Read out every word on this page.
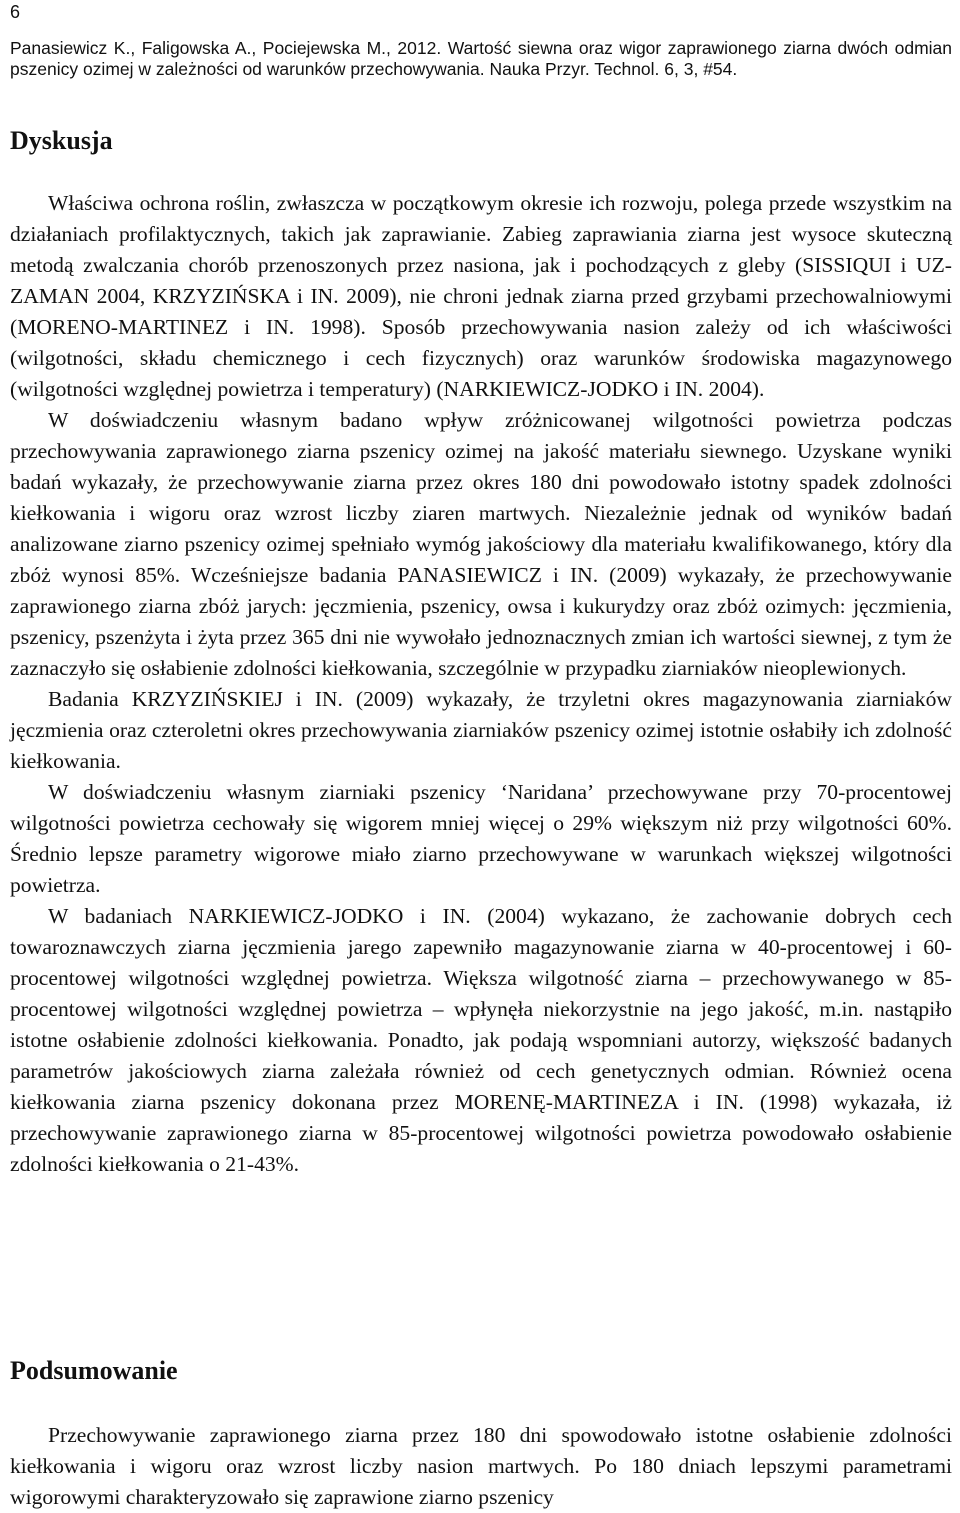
6
Panasiewicz K., Faligowska A., Pociejewska M., 2012. Wartość siewna oraz wigor zaprawionego ziarna dwóch odmian pszenicy ozimej w zależności od warunków przechowywania. Nauka Przyr. Technol. 6, 3, #54.
Dyskusja

Właściwa ochrona roślin, zwłaszcza w początkowym okresie ich rozwoju, polega przede wszystkim na działaniach profilaktycznych, takich jak zaprawianie. Zabieg zaprawiania ziarna jest wysoce skuteczną metodą zwalczania chorób przenoszonych przez nasiona, jak i pochodzących z gleby (SISSIQUI i UZ-ZAMAN 2004, KRZYZIŃSKA i IN. 2009), nie chroni jednak ziarna przed grzybami przechowalniowymi (MORENO-MARTINEZ i IN. 1998). Sposób przechowywania nasion zależy od ich właściwości (wilgotności, składu chemicznego i cech fizycznych) oraz warunków środowiska magazynowego (wilgotności względnej powietrza i temperatury) (NARKIEWICZ-JODKO i IN. 2004).

W doświadczeniu własnym badano wpływ zróżnicowanej wilgotności powietrza podczas przechowywania zaprawionego ziarna pszenicy ozimej na jakość materiału siewnego. Uzyskane wyniki badań wykazały, że przechowywanie ziarna przez okres 180 dni powodowało istotny spadek zdolności kiełkowania i wigoru oraz wzrost liczby ziaren martwych. Niezależnie jednak od wyników badań analizowane ziarno pszenicy ozimej spełniało wymóg jakościowy dla materiału kwalifikowanego, który dla zbóż wynosi 85%. Wcześniejsze badania PANASIEWICZ i IN. (2009) wykazały, że przechowywanie zaprawionego ziarna zbóż jarych: jęczmienia, pszenicy, owsa i kukurydzy oraz zbóż ozimych: jęczmienia, pszenicy, pszenżyta i żyta przez 365 dni nie wywołało jednoznacznych zmian ich wartości siewnej, z tym że zaznaczyło się osłabienie zdolności kiełkowania, szczególnie w przypadku ziarniaków nieoplewionych.

Badania KRZYZIŃSKIEJ i IN. (2009) wykazały, że trzyletni okres magazynowania ziarniaków jęczmienia oraz czteroletni okres przechowywania ziarniaków pszenicy ozimej istotnie osłabiły ich zdolność kiełkowania.

W doświadczeniu własnym ziarniaki pszenicy ‘Naridana’ przechowywane przy 70-procentowej wilgotności powietrza cechowały się wigorem mniej więcej o 29% większym niż przy wilgotności 60%. Średnio lepsze parametry wigorowe miało ziarno przechowywane w warunkach większej wilgotności powietrza.

W badaniach NARKIEWICZ-JODKO i IN. (2004) wykazano, że zachowanie dobrych cech towaroznawczych ziarna jęczmienia jarego zapewniło magazynowanie ziarna w 40-procentowej i 60-procentowej wilgotności względnej powietrza. Większa wilgotność ziarna – przechowywanego w 85-procentowej wilgotności względnej powietrza – wpłynęła niekorzystnie na jego jakość, m.in. nastąpiło istotne osłabienie zdolności kiełkowania. Ponadto, jak podają wspomniani autorzy, większość badanych parametrów jakościowych ziarna zależała również od cech genetycznych odmian. Również ocena kiełkowania ziarna pszenicy dokonana przez MORENĘ-MARTINEZA i IN. (1998) wykazała, iż przechowywanie zaprawionego ziarna w 85-procentowej wilgotności powietrza powodowało osłabienie zdolności kiełkowania o 21-43%.

Podsumowanie

Przechowywanie zaprawionego ziarna przez 180 dni spowodowało istotne osłabienie zdolności kiełkowania i wigoru oraz wzrost liczby nasion martwych. Po 180 dniach lepszymi parametrami wigorowymi charakteryzowało się zaprawione ziarno pszenicy
